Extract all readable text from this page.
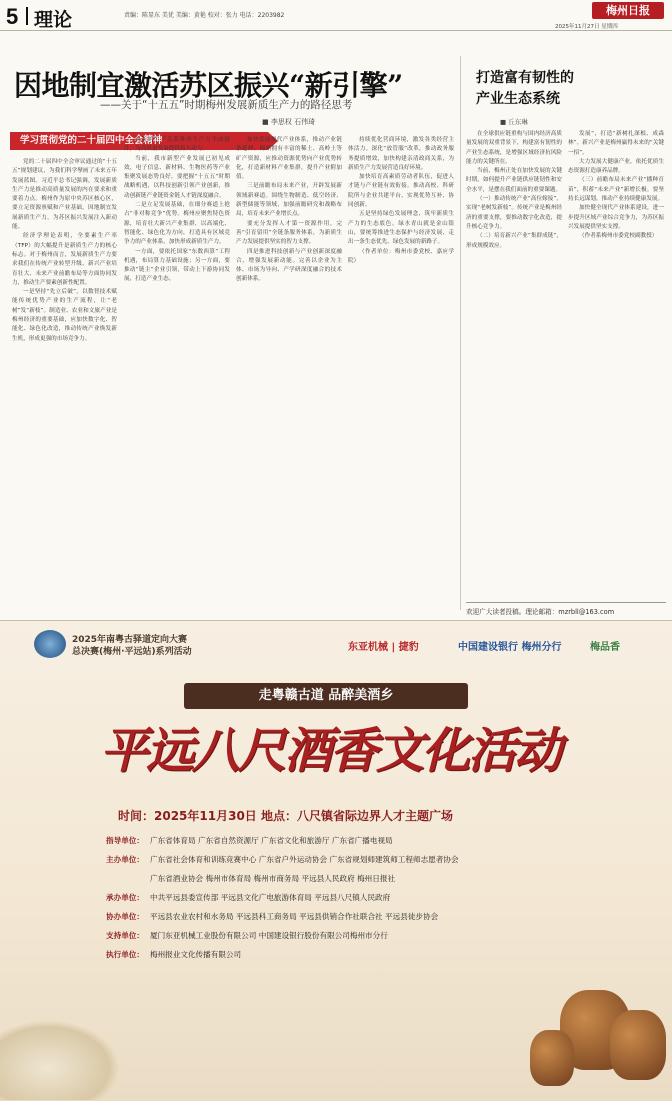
5 理论	责编：陈显东 美优 美编：黄艳 校对：张力 电话：2203982	梅州日报
2025年11月27日 星期四
因地制宜激活苏区振兴“新引擎”
——关于“十五五”时期梅州发展新质生产力的路径思考
■ 李思权 石伟琦
学习贯彻党的二十届四中全会精神

党的二十届四中全会审议通过的“十五五”规划建议，为我们科学擘画了未来五年发展蓝图。习近平总书记强调，发展新质生产力是推动高质量发展的内在要求和重要着力点。梅州作为原中央苏区核心区，要立足资源禀赋和产业基础，因地制宜发展新质生产力，为苏区振兴发展注入新动能。

经济学理论表明，全要素生产率（TFP）的大幅提升是新质生产力的核心标志。对于梅州而言，发展新质生产力要求我们在传统产业转型升级、新兴产业培育壮大、未来产业前瞻布局等方面协同发力，推动生产要素创新性配置。

一是坚持“先立后破”，以数智技术赋能传统优势产业的生产流程，让“老树”发“新枝”。制造业、农业和文旅产业是梅州经济的重要基础，应加快数字化、智能化、绿色化改造，推动传统产业焕发新生机，形成更强的市场竞争力。

以新的生产关系推动生产力全面提升，为高质量发展提供持久动力。

当前，我市新型产业发展已初见成效，电子信息、新材料、生物医药等产业集聚发展态势良好。要把握“十五五”时期战略机遇，以科技创新引领产业创新，推动创新链产业链资金链人才链深度融合。

二是立足发展基础，在细分赛道上抢占“非对称竞争”优势。梅州应聚焦特色资源，培育壮大新兴产业集群，以高端化、智能化、绿色化为方向，打造具有区域竞争力的产业体系，加快形成新质生产力。

一方面，要依托国家“东数西算”工程机遇，布局算力基础设施；另一方面，要推动“链主”企业引领，带动上下游协同发展，打造产业生态。

加快发展现代产业体系，推动产业链条延伸。梅州拥有丰富的稀土、高岭土等矿产资源，应推动资源优势向产业优势转化，打造新材料产业集群，提升产业附加值。

三是前瞻布局未来产业，开辟发展新领域新赛道。围绕生物制造、低空经济、新型储能等领域，加强前瞻研究和战略布局，培育未来产业增长点。

要充分发挥人才第一资源作用，完善“引育留用”全链条服务体系，为新质生产力发展提供坚实的智力支撑。

四是推进科技创新与产业创新深度融合，增强发展新动能。完善以企业为主体、市场为导向、产学研深度融合的技术创新体系。

持续优化营商环境，激发各类经营主体活力。深化“放管服”改革，推动政务服务提质增效，加快构建亲清政商关系，为新质生产力发展营造良好环境。

加快培育高素质劳动者队伍，促进人才链与产业链有效衔接。推动高校、科研院所与企业共建平台，实现优势互补、协同创新。

五是坚持绿色发展理念，筑牢新质生产力的生态底色。绿水青山就是金山银山，要统筹推进生态保护与经济发展，走出一条生态优先、绿色发展的新路子。

（作者单位：梅州市委党校、嘉应学院）

打造富有韧性的
产业生态系统
■ 丘东琳

在全球供应链重构与国内经济高质量发展的双重背景下，构建富有韧性的产业生态系统，是增强区域经济抗风险能力的关键所在。

当前，梅州正处在加快发展的关键时期，如何提升产业链供应链韧性和安全水平，是摆在我们面前的重要课题。

（一）推动传统产业“高位嫁接”，实现“老树发新枝”。传统产业是梅州经济的重要支撑，要推动数字化改造，提升核心竞争力。

（二）培育新兴产业“集群成链”，形成规模效应。

发展“，打造“新树扎深根、成森林”。新兴产业是梅州赢得未来的“关键一招”。

大力发展大健康产业，依托优质生态资源打造康养品牌。

（三）前瞻布局未来产业“播种育苗”，积蓄“未来产业”新增长极。要坚持长远谋划，推动产业持续健康发展。

加快健全现代产业体系建设，进一步提升区域产业综合竞争力，为苏区振兴发展提供坚实支撑。

（作者系梅州市委党校副教授）

欢迎广大读者投稿。理论邮箱：mzrbll@163.com
2025年南粤古驿道定向大赛
总决赛(梅州·平远站)系列活动	东亚机械 | 捷豹	中国建设银行 梅州分行	梅品香
走粤赣古道 品醉美酒乡
平远八尺酒香文化活动
时间：2025年11月30日 地点：八尺镇省际边界人才主题广场
指导单位： 广东省体育局 广东省自然资源厅 广东省文化和旅游厅 广东省广播电视局
主办单位： 广东省社会体育和训练竞赛中心 广东省户外运动协会 广东省规划师建筑师工程师志愿者协会
广东省酒业协会 梅州市体育局 梅州市商务局 平远县人民政府 梅州日报社
承办单位： 中共平远县委宣传部 平远县文化广电旅游体育局 平远县八尺镇人民政府
协办单位： 平远县农业农村和水务局 平远县科工商务局 平远县供销合作社联合社 平远县徒步协会
支持单位： 厦门东亚机械工业股份有限公司 中国建设银行股份有限公司梅州市分行
执行单位： 梅州报业文化传播有限公司
